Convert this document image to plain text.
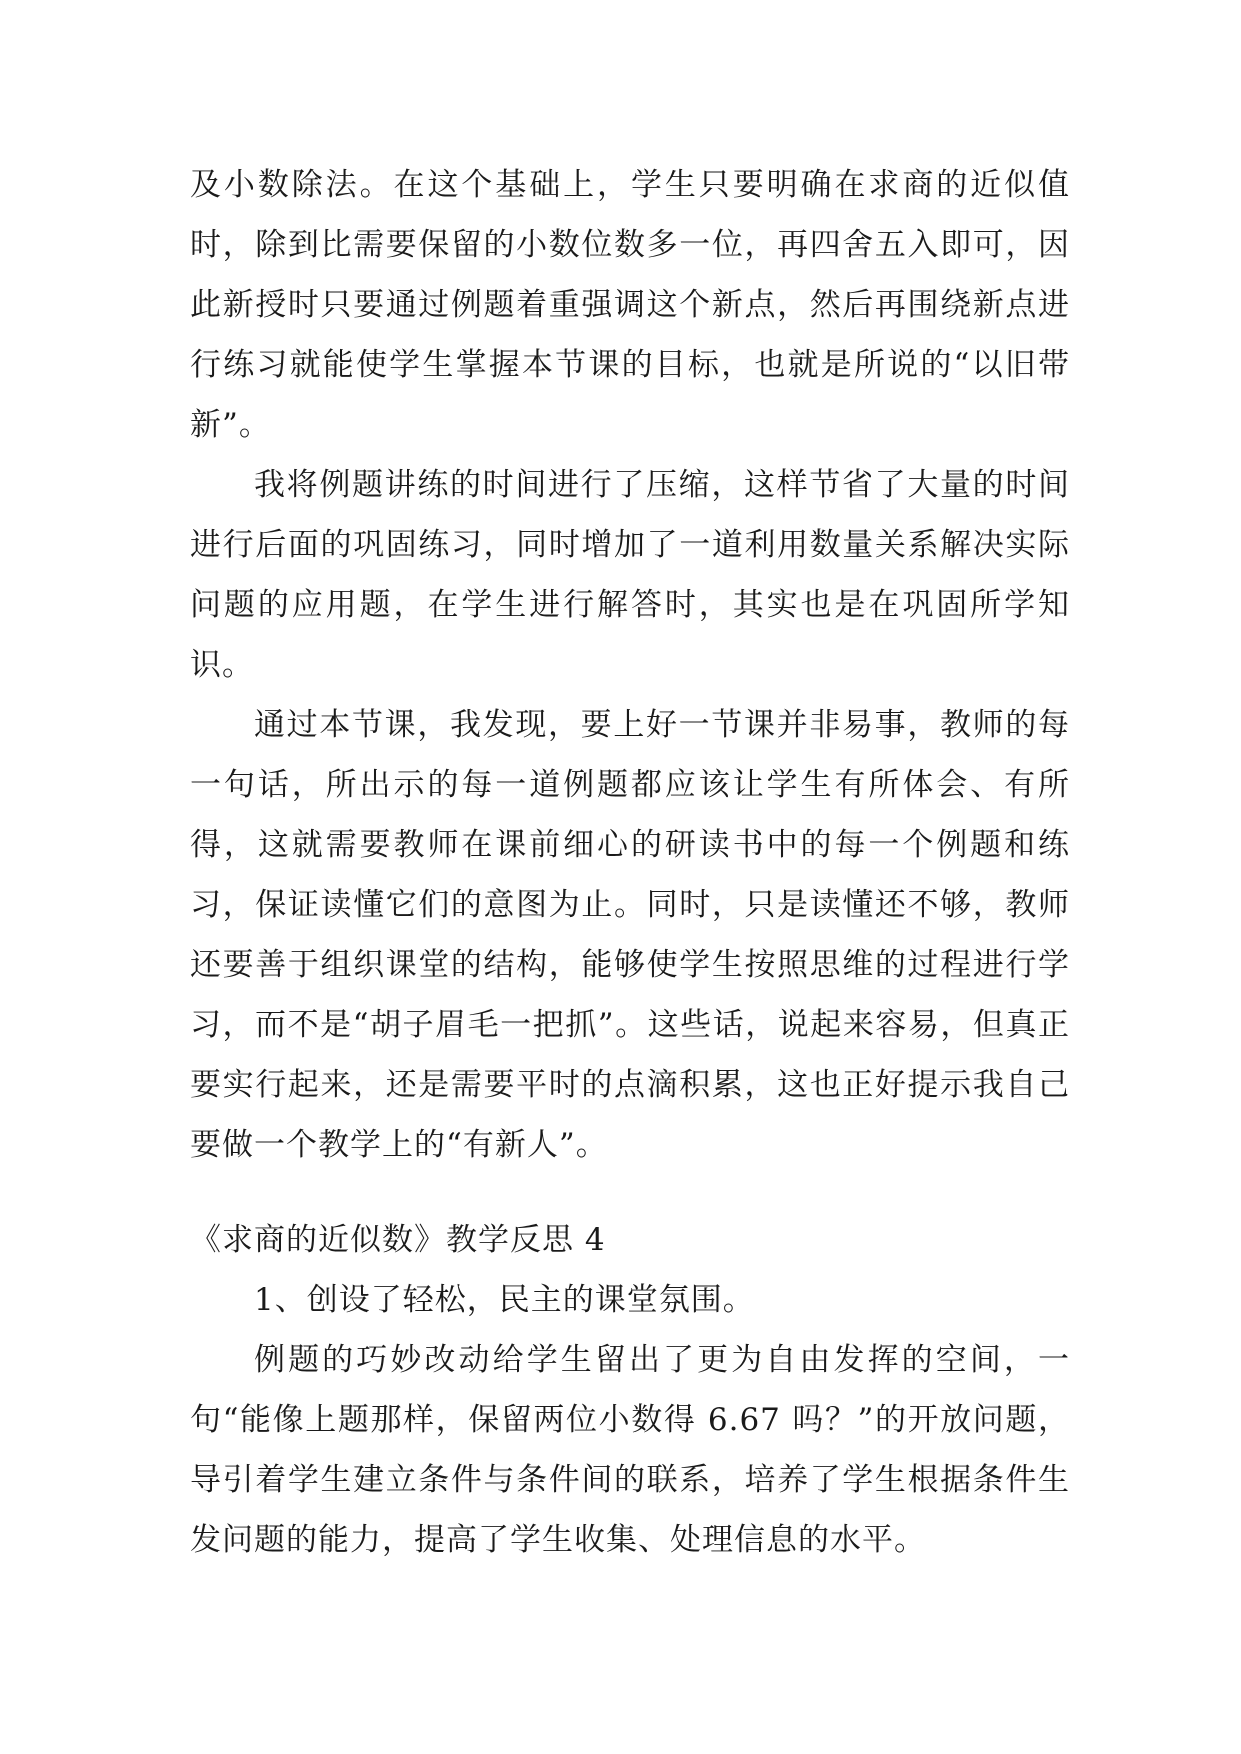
及小数除法。在这个基础上，学生只要明确在求商的近似值时，除到比需要保留的小数位数多一位，再四舍五入即可，因此新授时只要通过例题着重强调这个新点，然后再围绕新点进行练习就能使学生掌握本节课的目标，也就是所说的“以旧带新”。

我将例题讲练的时间进行了压缩，这样节省了大量的时间进行后面的巩固练习，同时增加了一道利用数量关系解决实际问题的应用题，在学生进行解答时，其实也是在巩固所学知识。

通过本节课，我发现，要上好一节课并非易事，教师的每一句话，所出示的每一道例题都应该让学生有所体会、有所得，这就需要教师在课前细心的研读书中的每一个例题和练习，保证读懂它们的意图为止。同时，只是读懂还不够，教师还要善于组织课堂的结构，能够使学生按照思维的过程进行学习，而不是“胡子眉毛一把抓”。这些话，说起来容易，但真正要实行起来，还是需要平时的点滴积累，这也正好提示我自己要做一个教学上的“有新人”。

《求商的近似数》教学反思 4

1、创设了轻松，民主的课堂氛围。

例题的巧妙改动给学生留出了更为自由发挥的空间，一句“能像上题那样，保留两位小数得 6.67 吗？”的开放问题，导引着学生建立条件与条件间的联系，培养了学生根据条件生发问题的能力，提高了学生收集、处理信息的水平。
